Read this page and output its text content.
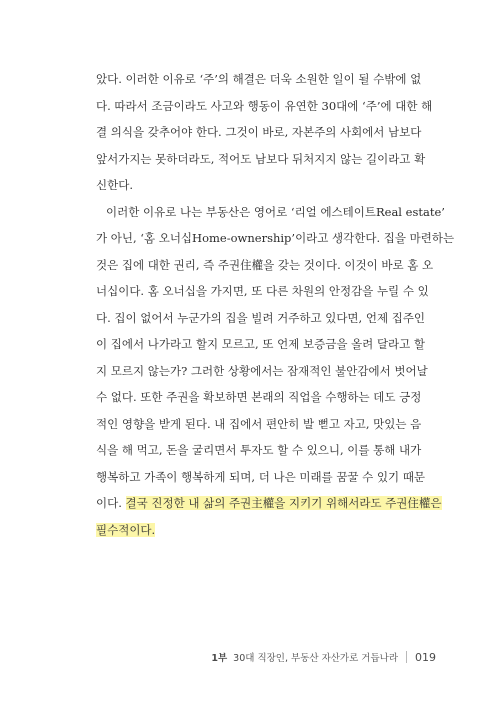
았다. 이러한 이유로 ‘주’의 해결은 더욱 소원한 일이 될 수밖에 없
다. 따라서 조금이라도 사고와 행동이 유연한 30대에 ‘주’에 대한 해
결 의식을 갖추어야 한다. 그것이 바로, 자본주의 사회에서 남보다
앞서가지는 못하더라도, 적어도 남보다 뒤처지지 않는 길이라고 확
신한다.
이러한 이유로 나는 부동산은 영어로 ‘리얼 에스테이트Real estate’
가 아닌, ‘홈 오너십Home-ownership’이라고 생각한다. 집을 마련하는
것은 집에 대한 권리, 즉 주권住權을 갖는 것이다. 이것이 바로 홈 오
너십이다. 홈 오너십을 가지면, 또 다른 차원의 안정감을 누릴 수 있
다. 집이 없어서 누군가의 집을 빌려 거주하고 있다면, 언제 집주인
이 집에서 나가라고 할지 모르고, 또 언제 보증금을 올려 달라고 할
지 모르지 않는가? 그러한 상황에서는 잠재적인 불안감에서 벗어날
수 없다. 또한 주권을 확보하면 본래의 직업을 수행하는 데도 긍정
적인 영향을 받게 된다. 내 집에서 편안히 발 뻗고 자고, 맛있는 음
식을 해 먹고, 돈을 굴리면서 투자도 할 수 있으니, 이를 통해 내가
행복하고 가족이 행복하게 되며, 더 나은 미래를 꿈꿀 수 있기 때문
이다. 결국 진정한 내 삶의 주권主權을 지키기 위해서라도 주권住權은
필수적이다.
1부 30대 직장인, 부동산 자산가로 거듭나라 019
